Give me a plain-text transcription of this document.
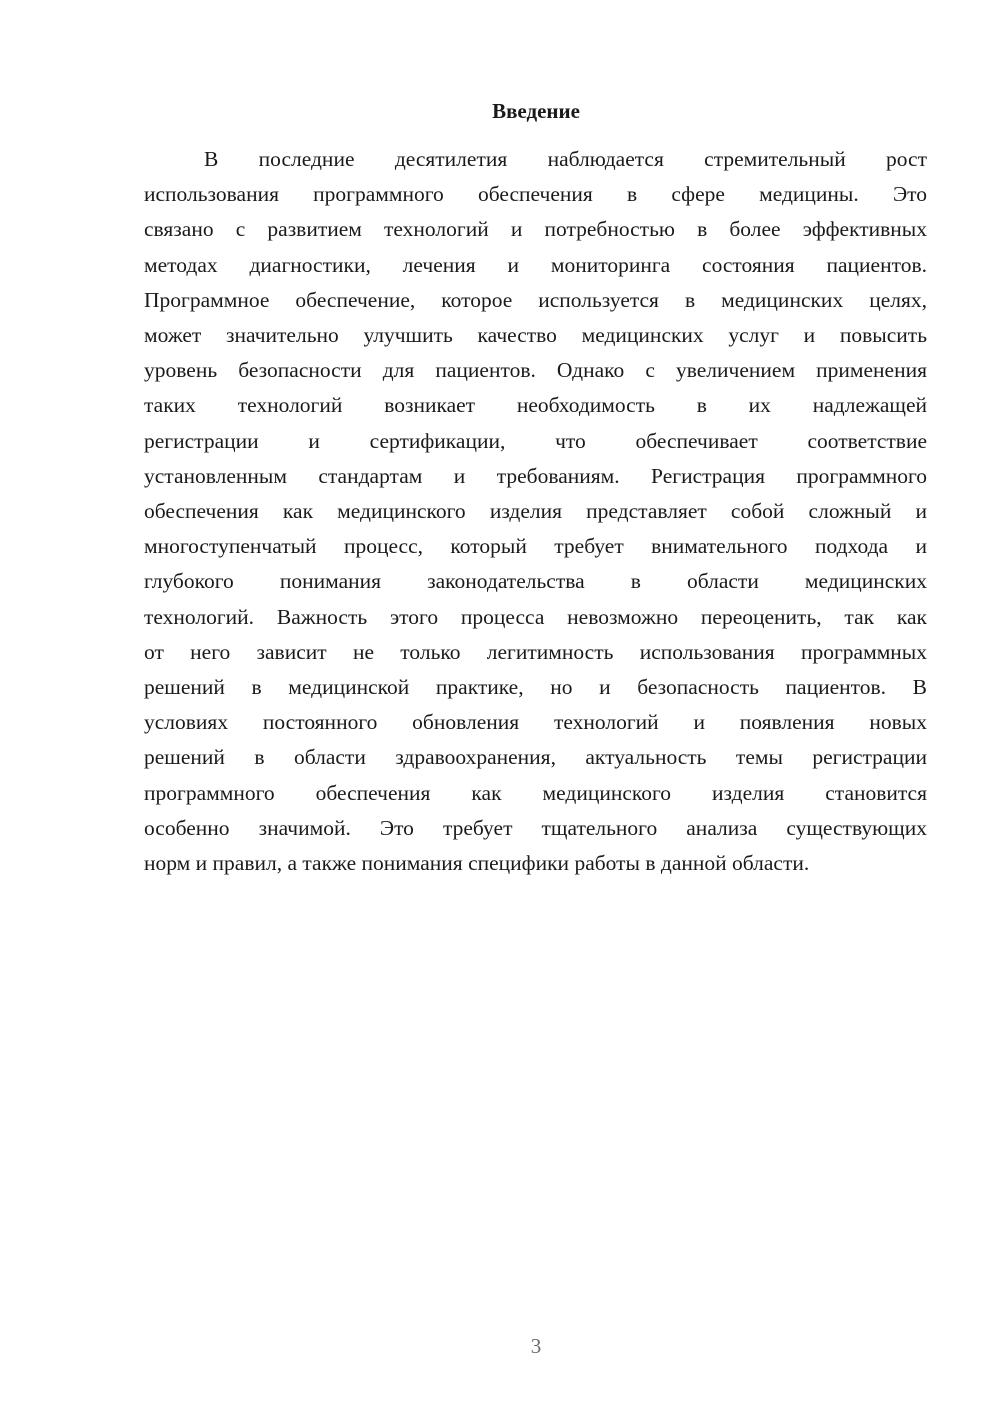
Введение
В последние десятилетия наблюдается стремительный рост
использования программного обеспечения в сфере медицины. Это
связано с развитием технологий и потребностью в более эффективных
методах диагностики, лечения и мониторинга состояния пациентов.
Программное обеспечение, которое используется в медицинских целях,
может значительно улучшить качество медицинских услуг и повысить
уровень безопасности для пациентов. Однако с увеличением применения
таких технологий возникает необходимость в их надлежащей
регистрации и сертификации, что обеспечивает соответствие
установленным стандартам и требованиям. Регистрация программного
обеспечения как медицинского изделия представляет собой сложный и
многоступенчатый процесс, который требует внимательного подхода и
глубокого понимания законодательства в области медицинских
технологий. Важность этого процесса невозможно переоценить, так как
от него зависит не только легитимность использования программных
решений в медицинской практике, но и безопасность пациентов. В
условиях постоянного обновления технологий и появления новых
решений в области здравоохранения, актуальность темы регистрации
программного обеспечения как медицинского изделия становится
особенно значимой. Это требует тщательного анализа существующих
норм и правил, а также понимания специфики работы в данной области.
3
